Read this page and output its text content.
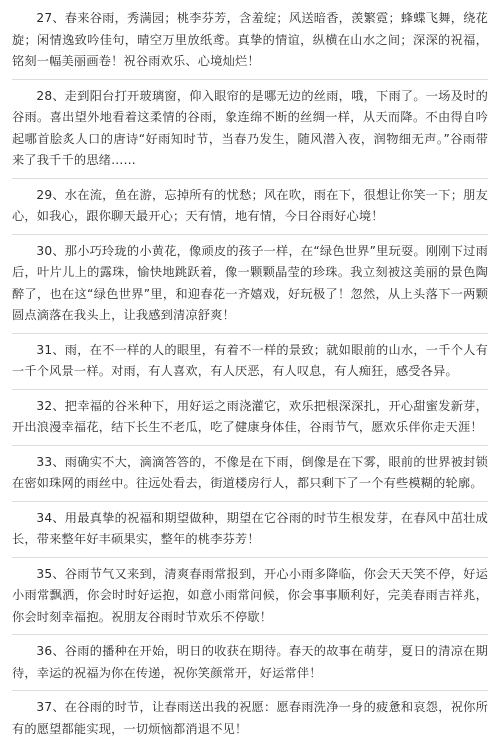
27、春来谷雨，秀满园；桃李芬芳，含羞绽；风送暗香，羡繁霓；蜂蝶飞舞，绕花旋；闲情逸致吟佳句，晴空万里放纸鸢。真挚的情谊，纵横在山水之间；深深的祝福，铭刻一幅美丽画卷！祝谷雨欢乐、心境灿烂！

28、走到阳台打开玻璃窗，仰入眼帘的是哪无边的丝雨，哦，下雨了。一场及时的谷雨。喜出望外地看着这柔情的谷雨，象连绵不断的丝绸一样，从天而降。不由得自吟起哪首脍炙人口的唐诗“好雨知时节，当春乃发生，随风潜入夜，润物细无声。”谷雨带来了我千千的思绪……

29、水在流，鱼在游，忘掉所有的忧愁；风在吹，雨在下，很想让你笑一下；朋友心，如我心，跟你聊天最开心；天有情，地有情，今日谷雨好心境！

30、那小巧玲珑的小黄花，像顽皮的孩子一样，在“绿色世界”里玩耍。刚刚下过雨后，叶片儿上的露珠，愉快地跳跃着，像一颗颗晶莹的珍珠。我立刻被这美丽的景色陶醉了，也在这“绿色世界”里，和迎春花一齐嬉戏，好玩极了！忽然，从上头落下一两颗圆点滴落在我头上，让我感到清凉舒爽！

31、雨，在不一样的人的眼里，有着不一样的景致；就如眼前的山水，一千个人有一千个风景一样。对雨，有人喜欢，有人厌恶，有人叹息，有人痴狂，感受各异。

32、把幸福的谷米种下，用好运之雨浇灌它，欢乐把根深深扎，开心甜蜜发新芽，开出浪漫幸福花，结下长生不老瓜，吃了健康身体佳，谷雨节气，愿欢乐伴你走天涯！

33、雨确实不大，滴滴答答的，不像是在下雨，倒像是在下雾，眼前的世界被封锁在密如珠网的雨丝中。往远处看去，街道楼房行人，都只剩下了一个有些模糊的轮廓。

34、用最真挚的祝福和期望做种，期望在它谷雨的时节生根发芽，在春风中茁壮成长，带来整年好丰硕果实，整年的桃李芬芳！

35、谷雨节气又来到，清爽春雨常报到，开心小雨多降临，你会天天笑不停，好运小雨常飘洒，你会时时好运抱，如意小雨常问候，你会事事顺利好，完美春雨吉祥兆，你会时刻幸福抱。祝朋友谷雨时节欢乐不停歇！

36、谷雨的播种在开始，明日的收获在期待。春天的故事在萌芽，夏日的清凉在期待，幸运的祝福为你在传递，祝你笑颜常开，好运常伴！

37、在谷雨的时节，让春雨送出我的祝愿：愿春雨洗净一身的疲惫和哀怨，祝你所有的愿望都能实现，一切烦恼都消退不见！
